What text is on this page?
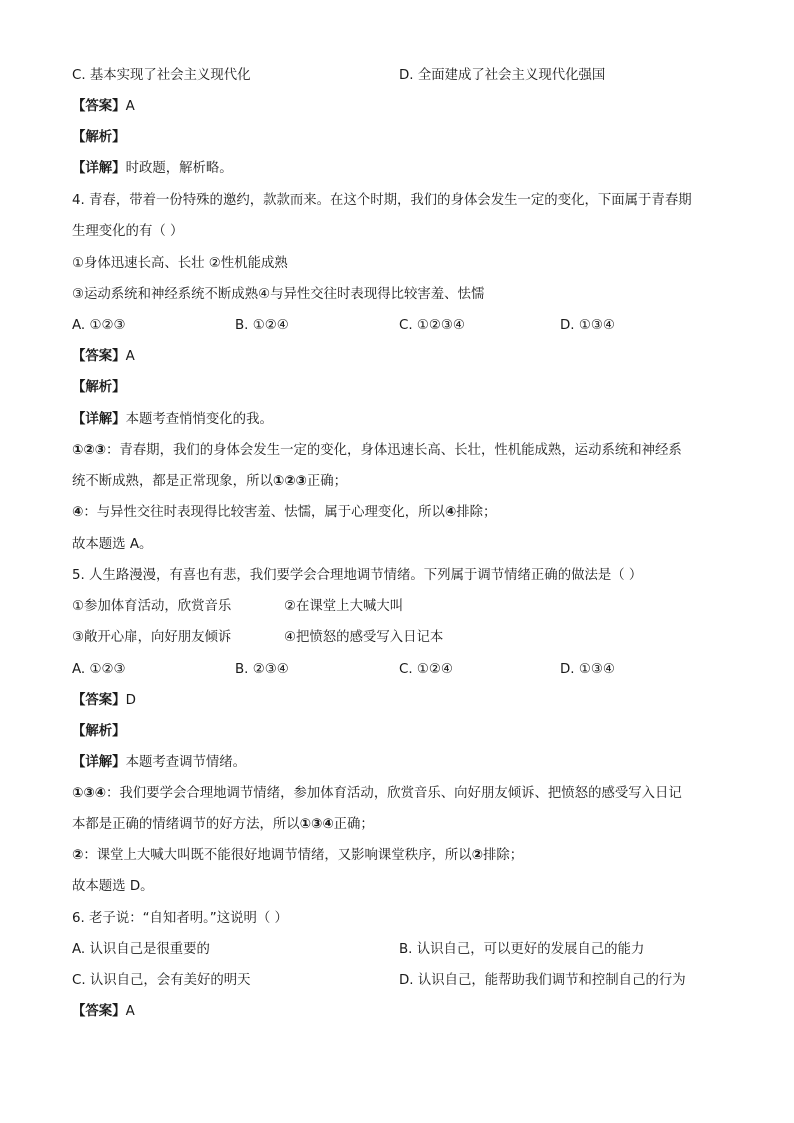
C. 基本实现了社会主义现代化	D. 全面建成了社会主义现代化强国
【答案】A
【解析】
【详解】时政题，解析略。
4. 青春，带着一份特殊的邀约，款款而来。在这个时期，我们的身体会发生一定的变化，下面属于青春期
生理变化的有（ ）
①身体迅速长高、长壮 ②性机能成熟
③运动系统和神经系统不断成熟④与异性交往时表现得比较害羞、怯懦
A. ①②③	B. ①②④	C. ①②③④	D. ①③④
【答案】A
【解析】
【详解】本题考查悄悄变化的我。
①②③：青春期，我们的身体会发生一定的变化，身体迅速长高、长壮，性机能成熟，运动系统和神经系
统不断成熟，都是正常现象，所以①②③正确；
④：与异性交往时表现得比较害羞、怯懦，属于心理变化，所以④排除；
故本题选 A。
5. 人生路漫漫，有喜也有悲，我们要学会合理地调节情绪。下列属于调节情绪正确的做法是（ ）
①参加体育活动，欣赏音乐	②在课堂上大喊大叫
③敞开心扉，向好朋友倾诉	④把愤怒的感受写入日记本
A. ①②③	B. ②③④	C. ①②④	D. ①③④
【答案】D
【解析】
【详解】本题考查调节情绪。
①③④：我们要学会合理地调节情绪，参加体育活动，欣赏音乐、向好朋友倾诉、把愤怒的感受写入日记
本都是正确的情绪调节的好方法，所以①③④正确；
②：课堂上大喊大叫既不能很好地调节情绪，又影响课堂秩序，所以②排除；
故本题选 D。
6. 老子说：“自知者明。”这说明（ ）
A. 认识自己是很重要的	B. 认识自己，可以更好的发展自己的能力
C. 认识自己，会有美好的明天	D. 认识自己，能帮助我们调节和控制自己的行为
【答案】A
